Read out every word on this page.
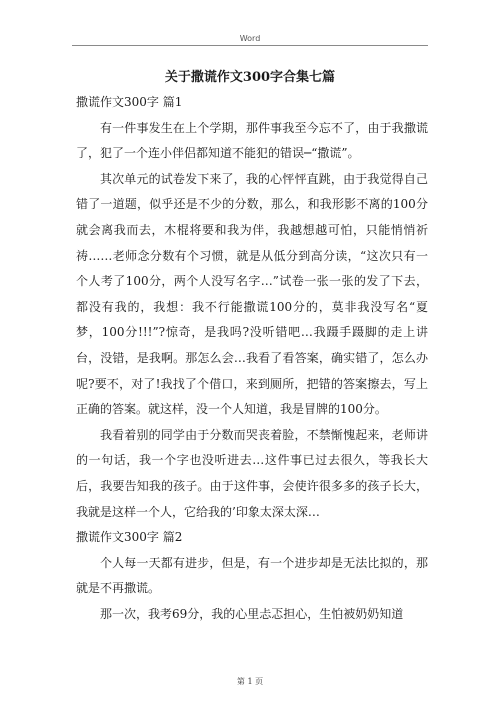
Word
关于撒谎作文300字合集七篇

撒谎作文300字 篇1

有一件事发生在上个学期，那件事我至今忘不了，由于我撒谎了，犯了一个连小伴侣都知道不能犯的错误─“撒谎”。

其次单元的试卷发下来了，我的心怦怦直跳，由于我觉得自己错了一道题，似乎还是不少的分数，那么，和我形影不离的100分就会离我而去，木棍将要和我为伴，我越想越可怕，只能悄悄祈祷……老师念分数有个习惯，就是从低分到高分读，“这次只有一个人考了100分，两个人没写名字…”试卷一张一张的发了下去，都没有我的，我想：我不行能撒谎100分的，莫非我没写名“夏梦，100分!!!”?惊奇，是我吗?没听错吧…我蹑手蹑脚的走上讲台，没错，是我啊。那怎么会…我看了看答案，确实错了，怎么办呢?要不，对了!我找了个借口，来到厕所，把错的答案擦去，写上正确的答案。就这样，没一个人知道，我是冒牌的100分。

我看着别的同学由于分数而哭丧着脸，不禁惭愧起来，老师讲的一句话，我一个字也没听进去…这件事已过去很久，等我长大后，我要告知我的孩子。由于这件事，会使许很多多的孩子长大，我就是这样一个人，它给我的’印象太深太深…

撒谎作文300字 篇2

个人每一天都有进步，但是，有一个进步却是无法比拟的，那就是不再撒谎。

那一次，我考69分，我的心里忐忑担心，生怕被奶奶知道

第 1 页
